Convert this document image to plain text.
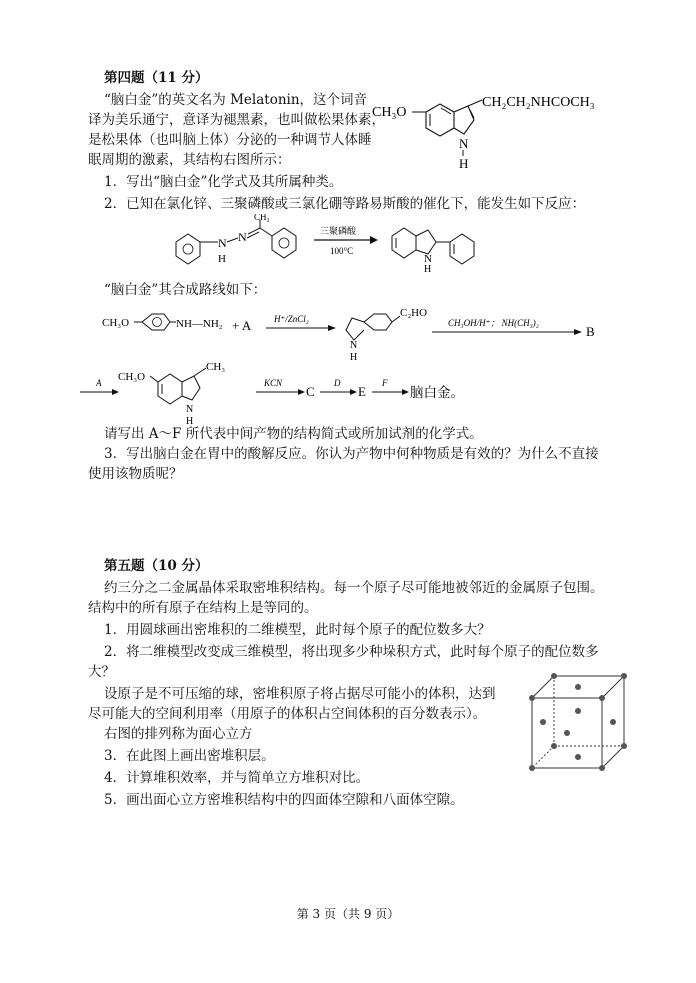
第四题（11 分）
“脑白金”的英文名为 Melatonin，这个词音
译为美乐通宁，意译为褪黑素，也叫做松果体素，
是松果体（也叫脑上体）分泌的一种调节人体睡
眠周期的激素，其结构右图所示：
CH₃O
CH₂CH₂NHCOCH₃
N
H
1．写出“脑白金”化学式及其所属种类。
2．已知在氯化锌、三聚磷酸或三氯化硼等路易斯酸的催化下，能发生如下反应：
N
H
N
CH₃
三聚磷酸
100°C
N
H
“脑白金”其合成路线如下：
CH₃O	NH—NH₂ + A	H⁺/ZnCl₂	C₂HO
N
H
CH₃OH/H⁺； NH(CH₃)₂
B
A CH₃O
CH₃
N
H
KCN
C
D
E
F
脑白金。
请写出 A～F 所代表中间产物的结构简式或所加试剂的化学式。
3．写出脑白金在胃中的酸解反应。你认为产物中何种物质是有效的？为什么不直接
使用该物质呢？
第五题（10 分）
约三分之二金属晶体采取密堆积结构。每一个原子尽可能地被邻近的金属原子包围。
结构中的所有原子在结构上是等同的。
1．用圆球画出密堆积的二维模型，此时每个原子的配位数多大？
2．将二维模型改变成三维模型，将出现多少种垛积方式，此时每个原子的配位数多
大？
设原子是不可压缩的球，密堆积原子将占据尽可能小的体积，达到
尽可能大的空间利用率（用原子的体积占空间体积的百分数表示）。
右图的排列称为面心立方
3．在此图上画出密堆积层。
4．计算堆积效率，并与简单立方堆积对比。
5．画出面心立方密堆积结构中的四面体空隙和八面体空隙。
第 3 页（共 9 页）
